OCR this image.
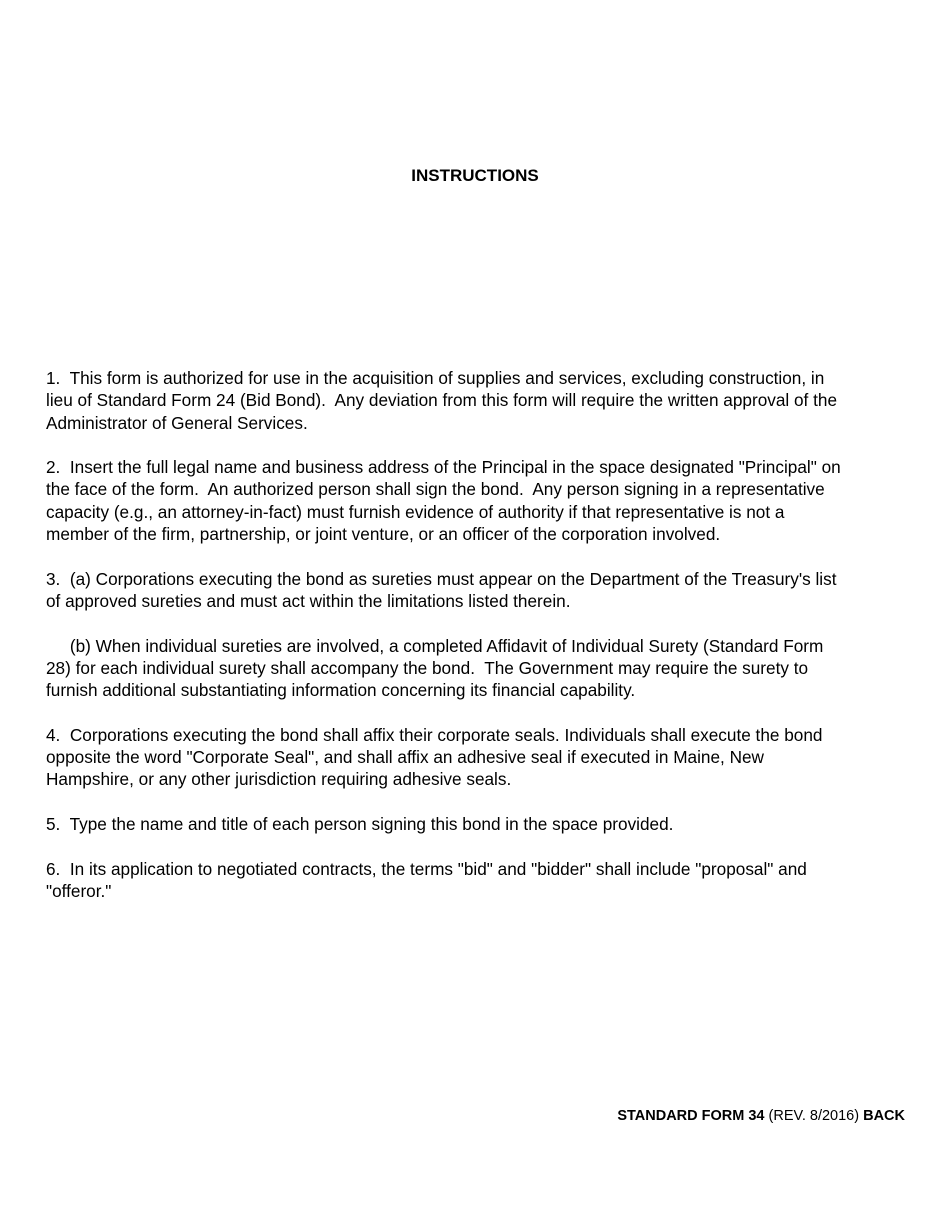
INSTRUCTIONS
1.  This form is authorized for use in the acquisition of supplies and services, excluding construction, in
lieu of Standard Form 24 (Bid Bond).  Any deviation from this form will require the written approval of the
Administrator of General Services.
2.  Insert the full legal name and business address of the Principal in the space designated "Principal" on
the face of the form.  An authorized person shall sign the bond.  Any person signing in a representative
capacity (e.g., an attorney-in-fact) must furnish evidence of authority if that representative is not a
member of the firm, partnership, or joint venture, or an officer of the corporation involved.
3.  (a) Corporations executing the bond as sureties must appear on the Department of the Treasury's list
of approved sureties and must act within the limitations listed therein.
(b) When individual sureties are involved, a completed Affidavit of Individual Surety (Standard Form
28) for each individual surety shall accompany the bond.  The Government may require the surety to
furnish additional substantiating information concerning its financial capability.
4.  Corporations executing the bond shall affix their corporate seals. Individuals shall execute the bond
opposite the word "Corporate Seal", and shall affix an adhesive seal if executed in Maine, New
Hampshire, or any other jurisdiction requiring adhesive seals.
5.  Type the name and title of each person signing this bond in the space provided.
6.  In its application to negotiated contracts, the terms "bid" and "bidder" shall include "proposal" and
"offeror."
STANDARD FORM 34 (REV. 8/2016) BACK
